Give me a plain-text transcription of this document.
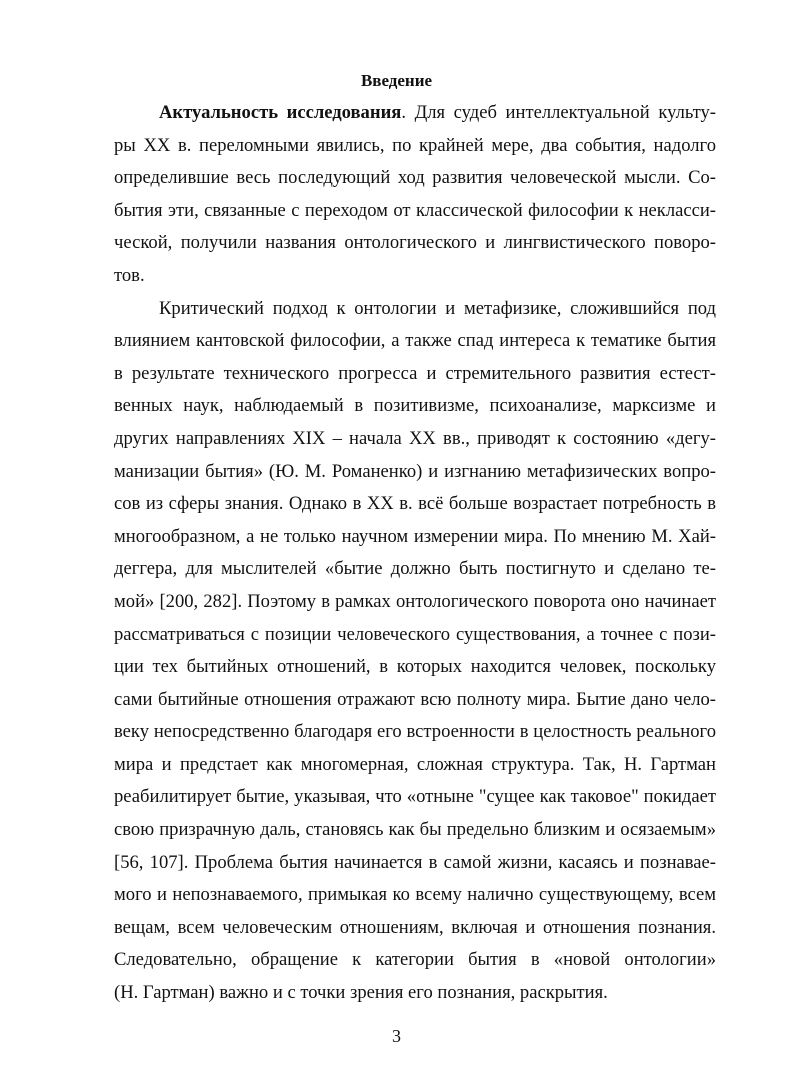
Введение
Актуальность исследования. Для судеб интеллектуальной культу-
ры XX в. переломными явились, по крайней мере, два события, надолго
определившие весь последующий ход развития человеческой мысли. Со-
бытия эти, связанные с переходом от классической философии к некласси-
ческой, получили названия онтологического и лингвистического поворо-
тов.
Критический подход к онтологии и метафизике, сложившийся под
влиянием кантовской философии, а также спад интереса к тематике бытия
в результате технического прогресса и стремительного развития естест-
венных наук, наблюдаемый в позитивизме, психоанализе, марксизме и
других направлениях XIX – начала XX вв., приводят к состоянию «дегу-
манизации бытия» (Ю. М. Романенко) и изгнанию метафизических вопро-
сов из сферы знания. Однако в XX в. всё больше возрастает потребность в
многообразном, а не только научном измерении мира. По мнению М. Хай-
деггера, для мыслителей «бытие должно быть постигнуто и сделано те-
мой» [200, 282]. Поэтому в рамках онтологического поворота оно начинает
рассматриваться с позиции человеческого существования, а точнее с пози-
ции тех бытийных отношений, в которых находится человек, поскольку
сами бытийные отношения отражают всю полноту мира. Бытие дано чело-
веку непосредственно благодаря его встроенности в целостность реального
мира и предстает как многомерная, сложная структура. Так, Н. Гартман
реабилитирует бытие, указывая, что «отныне "сущее как таковое" покидает
свою призрачную даль, становясь как бы предельно близким и осязаемым»
[56, 107]. Проблема бытия начинается в самой жизни, касаясь и познавае-
мого и непознаваемого, примыкая ко всему налично существующему, всем
вещам, всем человеческим отношениям, включая и отношения познания.
Следовательно, обращение к категории бытия в «новой онтологии»
(Н. Гартман) важно и с точки зрения его познания, раскрытия.
3
